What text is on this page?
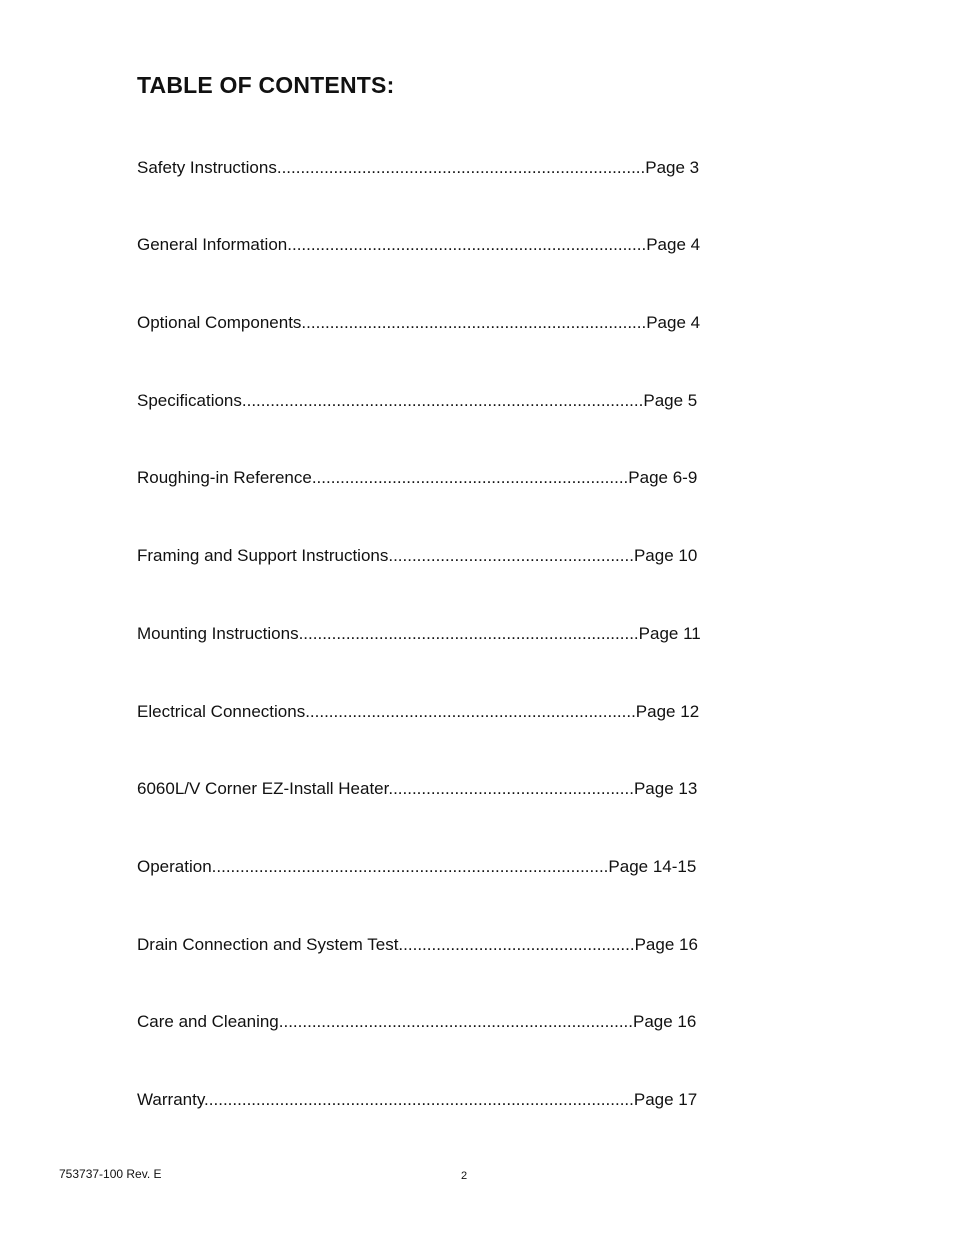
TABLE OF CONTENTS:
Safety Instructions..............................................................................Page 3
General Information............................................................................Page 4
Optional Components.........................................................................Page 4
Specifications.....................................................................................Page 5
Roughing-in Reference...................................................................Page 6-9
Framing and Support Instructions....................................................Page 10
Mounting Instructions........................................................................Page 11
Electrical Connections......................................................................Page 12
6060L/V Corner EZ-Install Heater....................................................Page 13
Operation....................................................................................Page 14-15
Drain Connection and System Test..................................................Page 16
Care and Cleaning...........................................................................Page 16
Warranty...........................................................................................Page 17
753737-100 Rev. E	2
